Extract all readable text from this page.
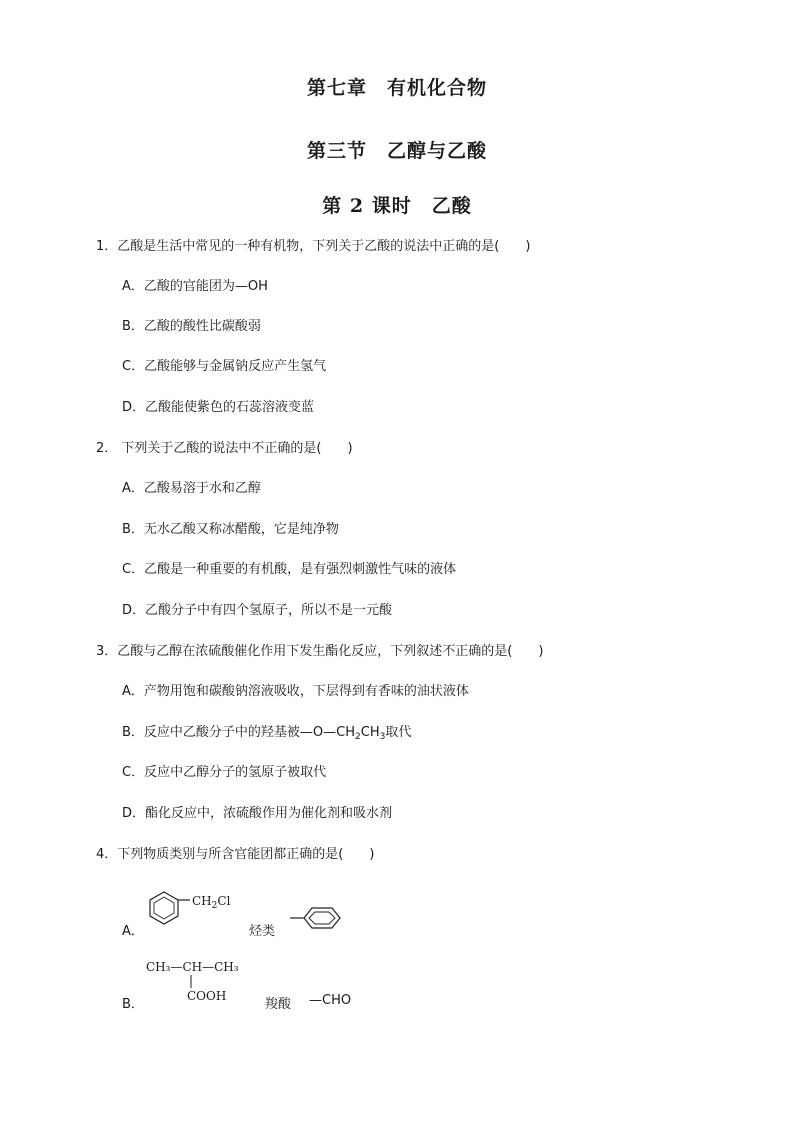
第七章　有机化合物
第三节　乙醇与乙酸
第 2 课时　乙酸
1．乙酸是生活中常见的一种有机物，下列关于乙酸的说法中正确的是(　　)
A．乙酸的官能团为—OH
B．乙酸的酸性比碳酸弱
C．乙酸能够与金属钠反应产生氢气
D．乙酸能使紫色的石蕊溶液变蓝
2． 下列关于乙酸的说法中不正确的是(　　)
A．乙酸易溶于水和乙醇
B．无水乙酸又称冰醋酸，它是纯净物
C．乙酸是一种重要的有机酸，是有强烈刺激性气味的液体
D．乙酸分子中有四个氢原子，所以不是一元酸
3．乙酸与乙醇在浓硫酸催化作用下发生酯化反应，下列叙述不正确的是(　　)
A．产物用饱和碳酸钠溶液吸收，下层得到有香味的油状液体
B．反应中乙酸分子中的羟基被$—O—CH_2CH_3$取代
C．反应中乙醇分子的氢原子被取代
D．酯化反应中，浓硫酸作用为催化剂和吸水剂
4．下列物质类别与所含官能团都正确的是(　　)
A．
$CH_2Cl$
烃类
CH₃—CH—CH₃
COOH
B．	羧酸 —CHO
